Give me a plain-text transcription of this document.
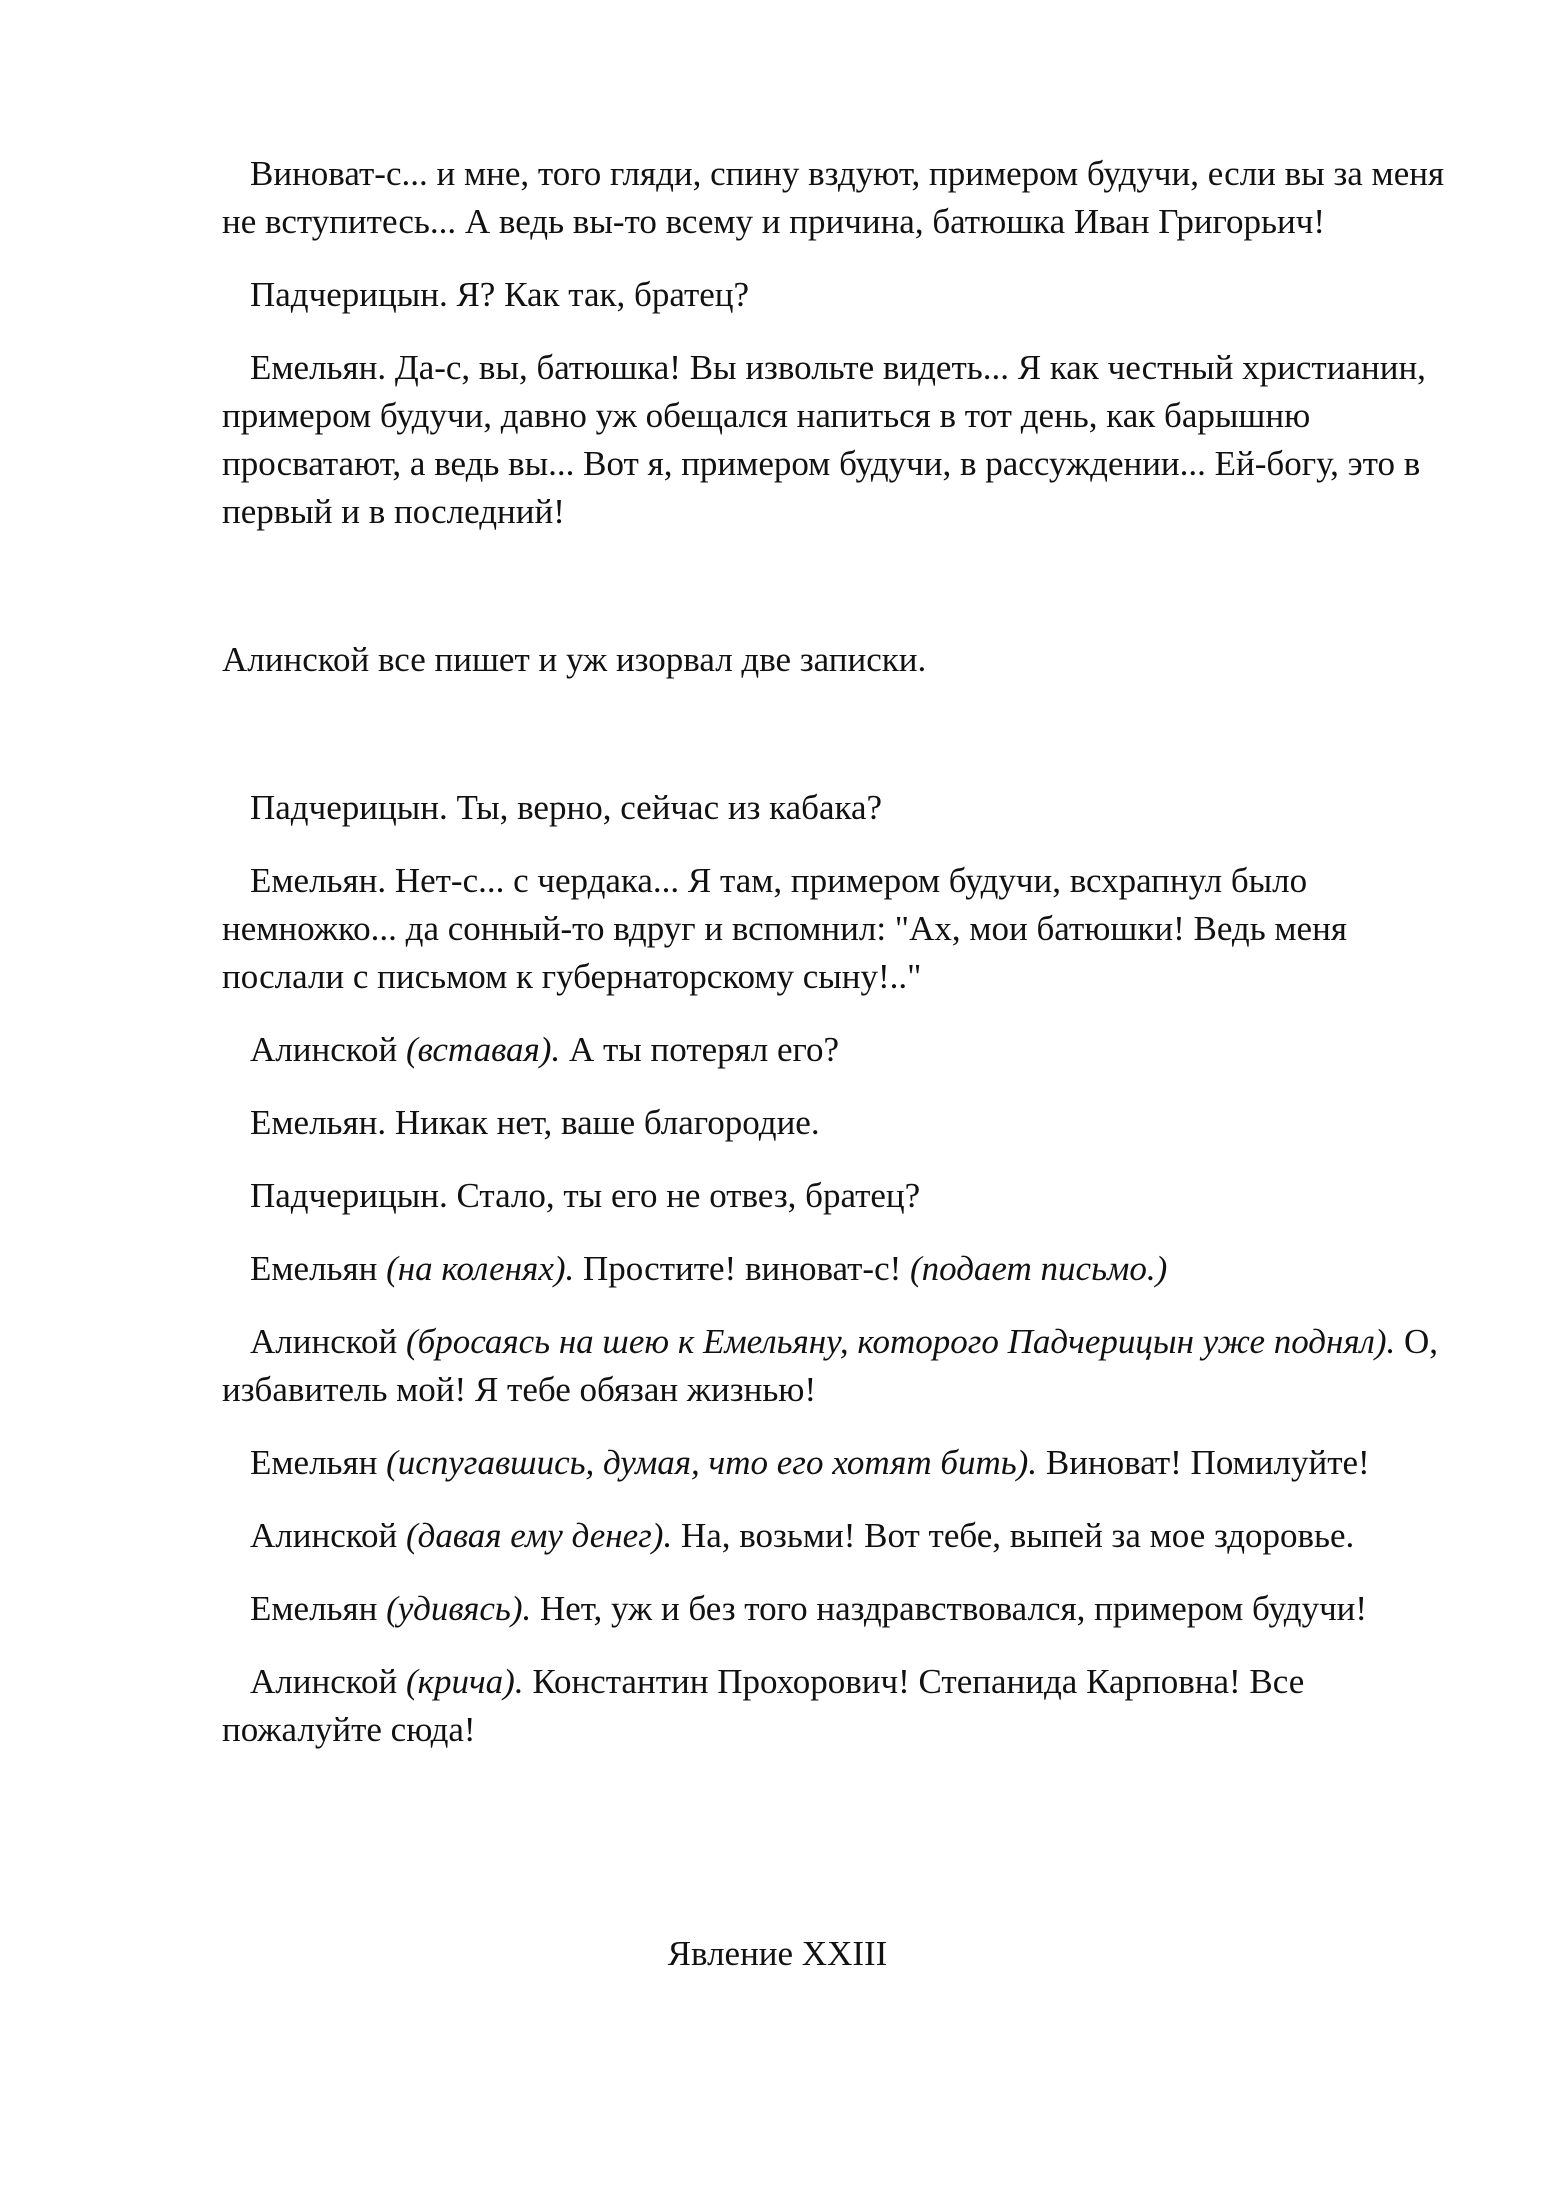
Виноват-с... и мне, того гляди, спину вздуют, примером будучи, если вы за меня не вступитесь... А ведь вы-то всему и причина, батюшка Иван Григорьич!

Падчерицын. Я? Как так, братец?

Емельян. Да-с, вы, батюшка! Вы извольте видеть... Я как честный христианин, примером будучи, давно уж обещался напиться в тот день, как барышню просватают, а ведь вы... Вот я, примером будучи, в рассуждении... Ей-богу, это в первый и в последний!

Алинской все пишет и уж изорвал две записки.

Падчерицын. Ты, верно, сейчас из кабака?

Емельян. Нет-с... с чердака... Я там, примером будучи, всхрапнул было немножко... да сонный-то вдруг и вспомнил: "Ах, мои батюшки! Ведь меня послали с письмом к губернаторскому сыну!.."

Алинской (вставая). А ты потерял его?

Емельян. Никак нет, ваше благородие.

Падчерицын. Стало, ты его не отвез, братец?

Емельян (на коленях). Простите! виноват-с! (подает письмо.)

Алинской (бросаясь на шею к Емельяну, которого Падчерицын уже поднял). О, избавитель мой! Я тебе обязан жизнью!

Емельян (испугавшись, думая, что его хотят бить). Виноват! Помилуйте!

Алинской (давая ему денег). На, возьми! Вот тебе, выпей за мое здоровье.

Емельян (удивясь). Нет, уж и без того наздравствовался, примером будучи!

Алинской (крича). Константин Прохорович! Степанида Карповна! Все пожалуйте сюда!

Явление XXIII
